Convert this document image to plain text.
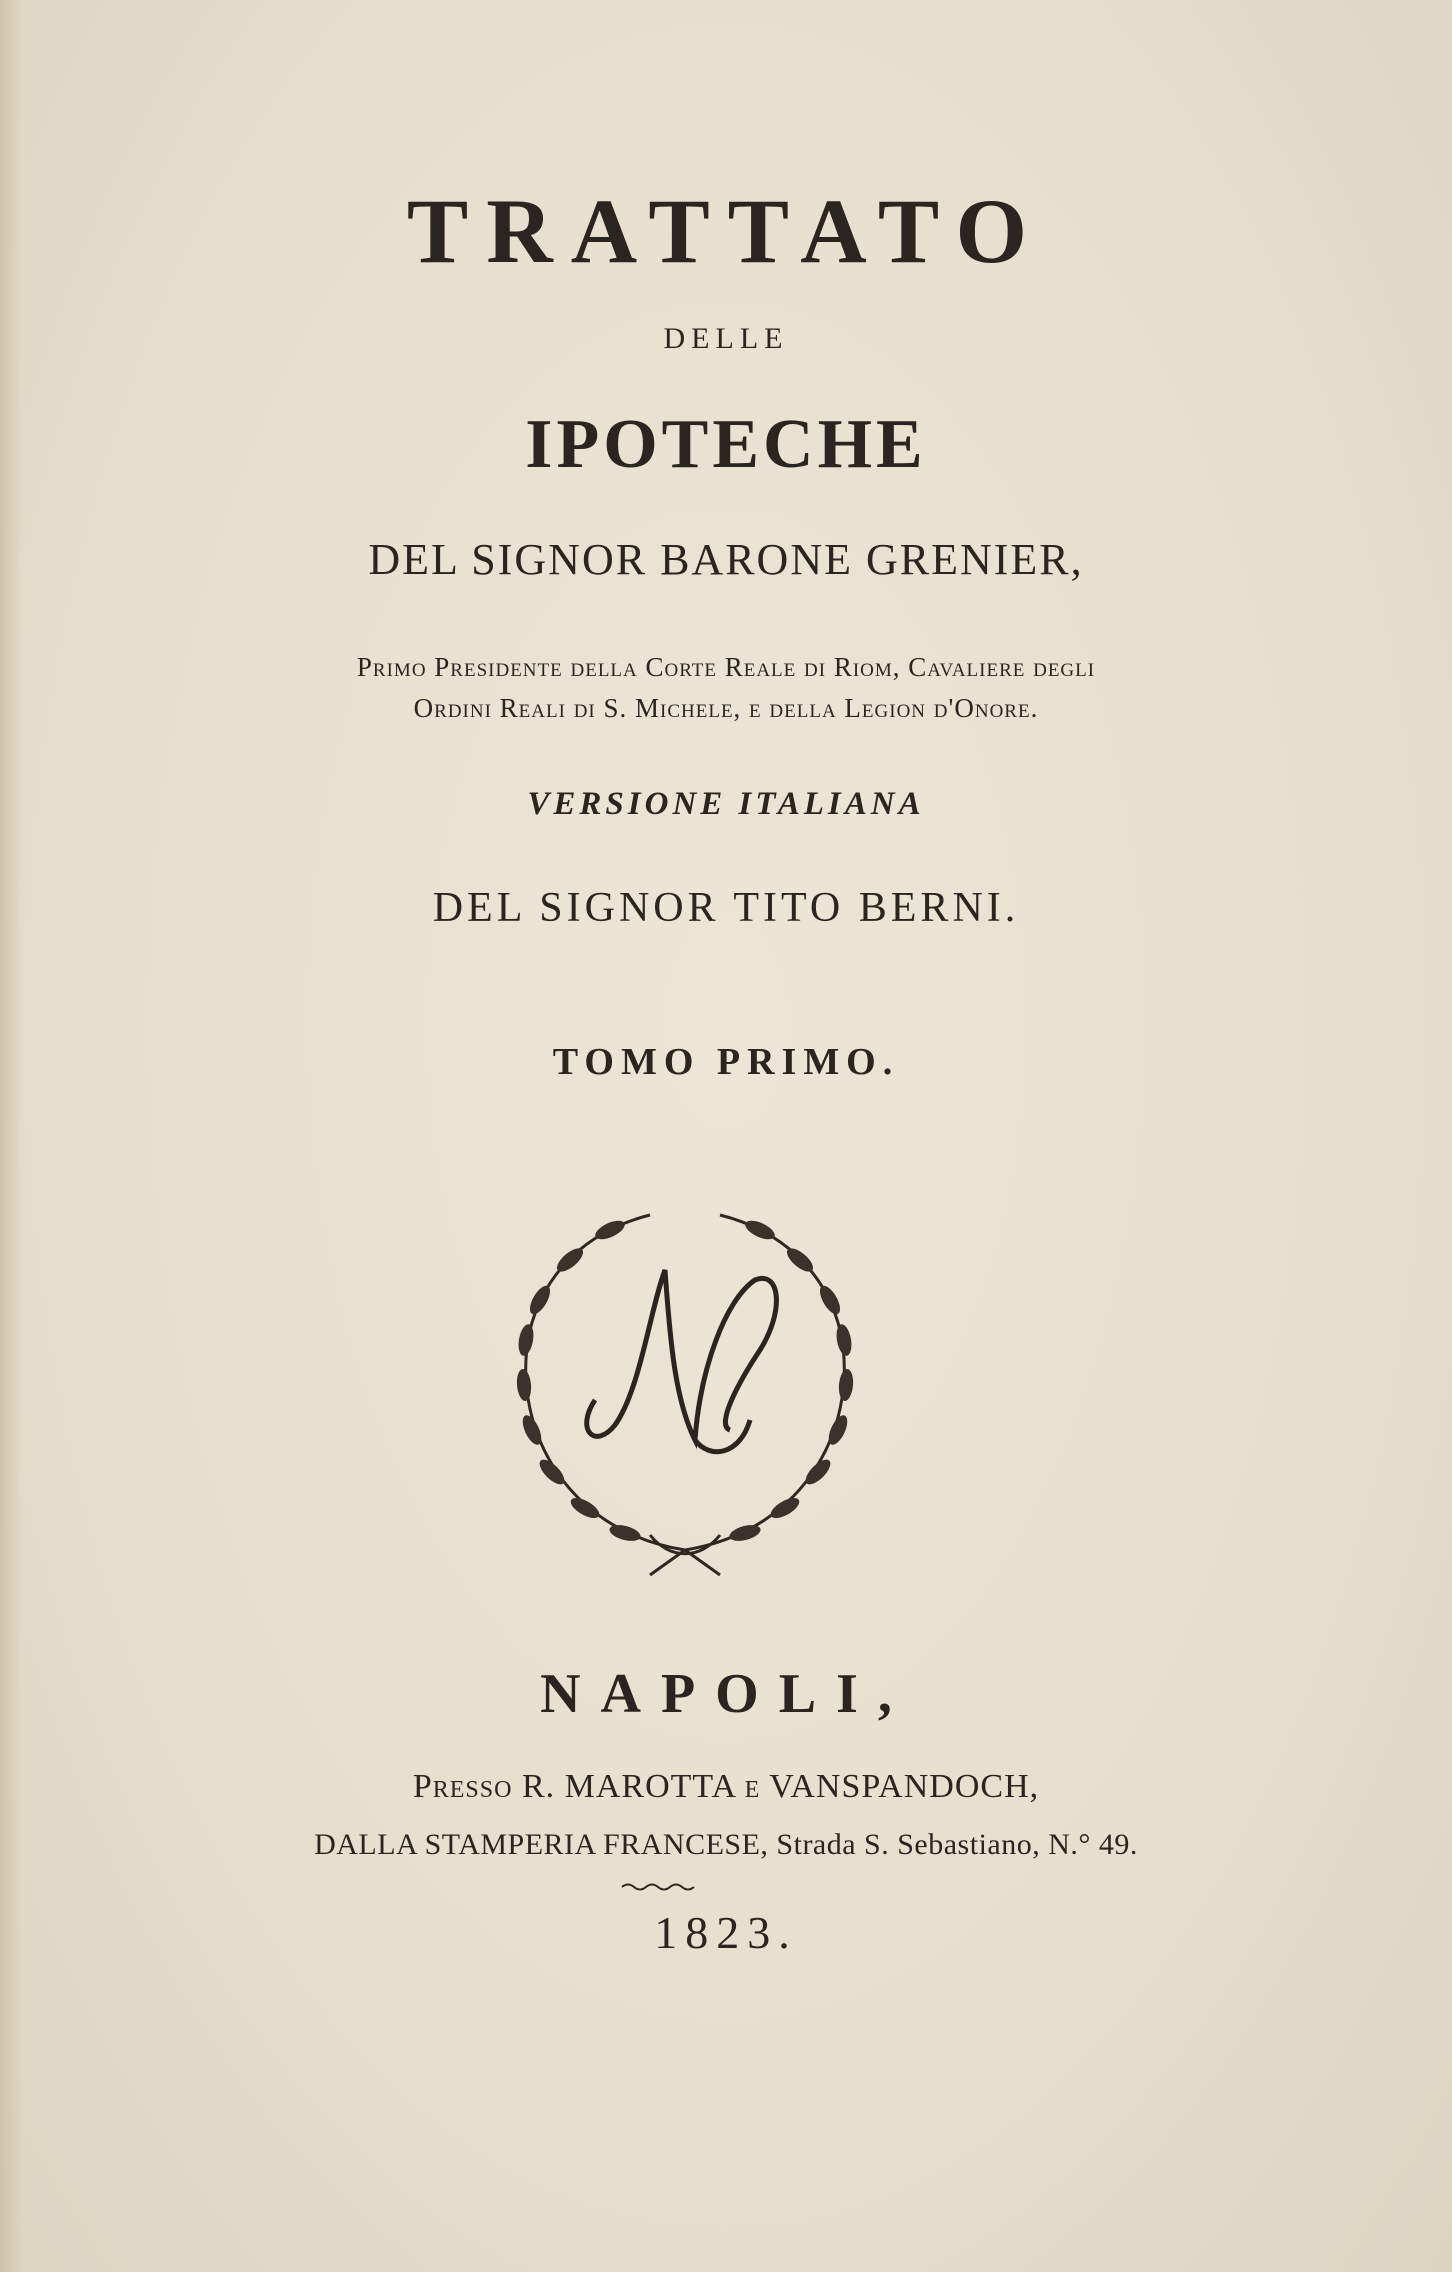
TRATTATO
DELLE
IPOTECHE
DEL SIGNOR BARONE GRENIER,
Primo Presidente della Corte Reale di Riom, Cavaliere degli
Ordini Reali di S. Michele, e della Legion d'Onore.
VERSIONE ITALIANA
DEL SIGNOR TITO BERNI.
TOMO PRIMO.
NAPOLI,
Presso R. MAROTTA e VANSPANDOCH,
DALLA STAMPERIA FRANCESE, Strada S. Sebastiano, N.° 49.
1823.
